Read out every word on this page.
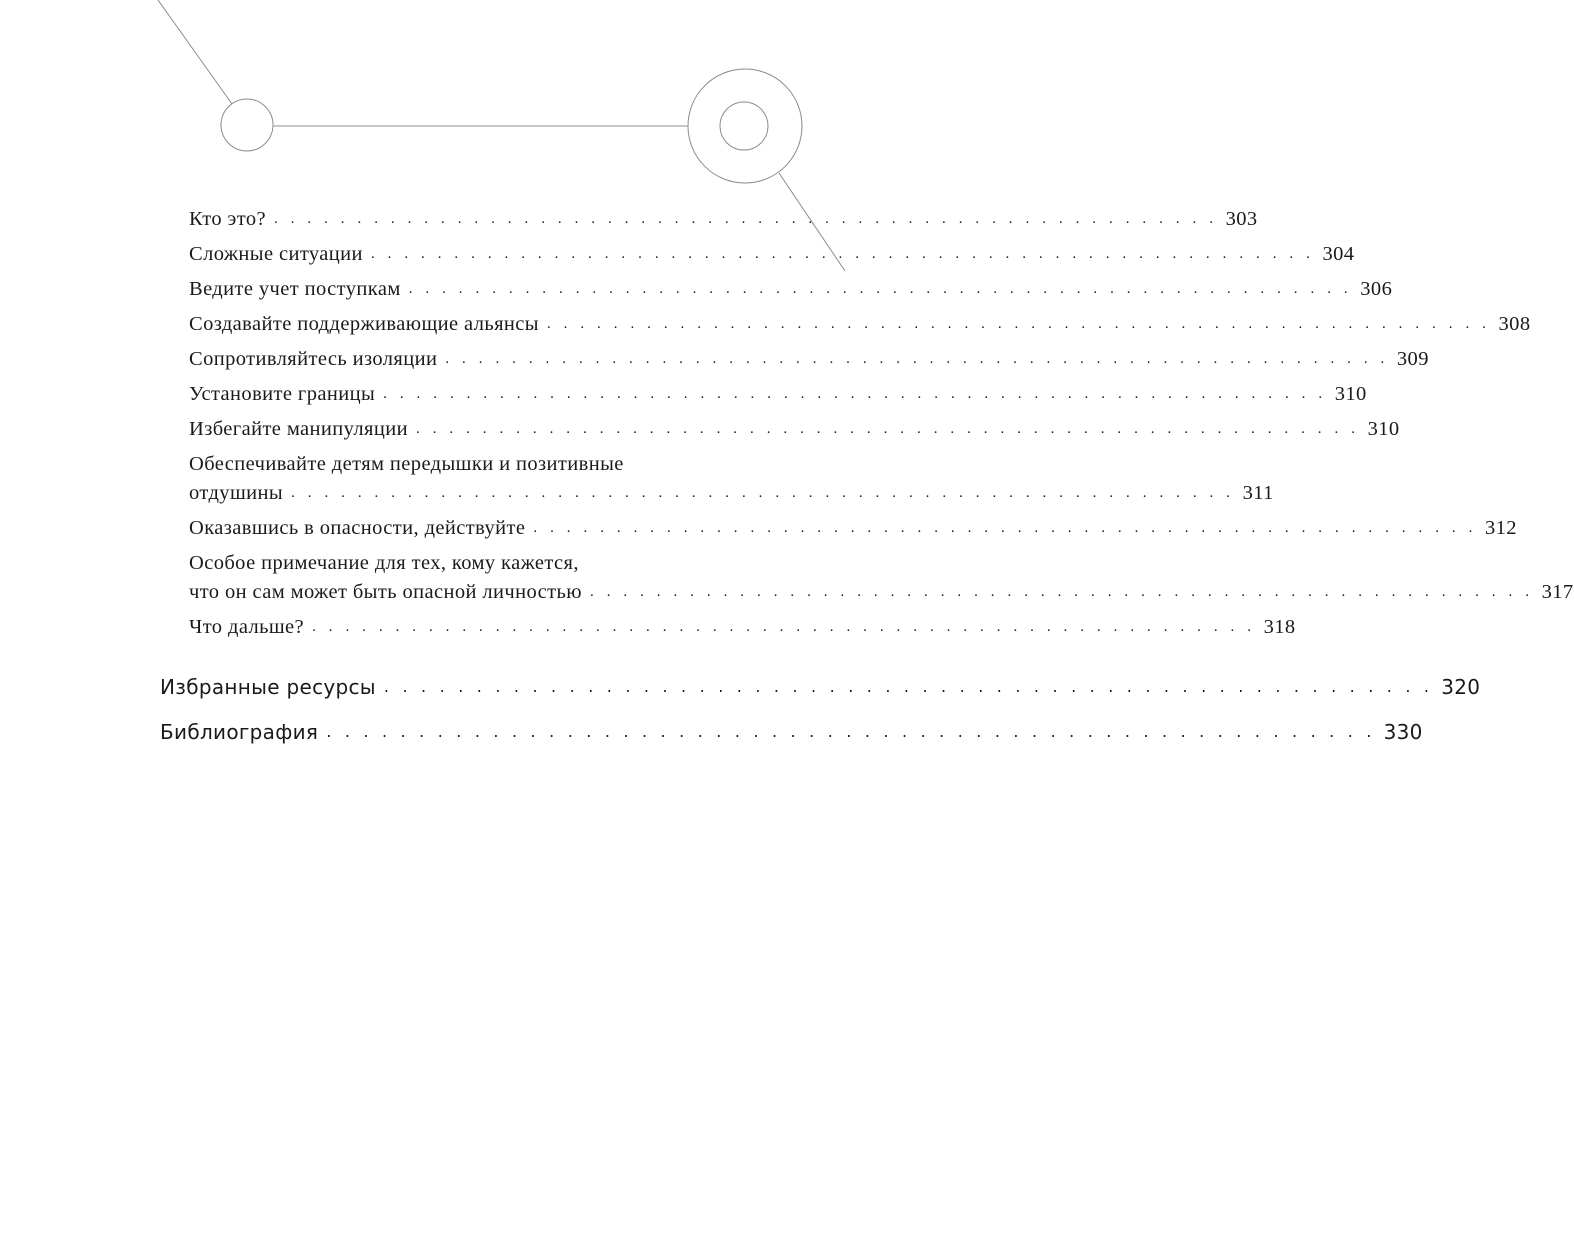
Кто это? . . . . . . . . . . . . . . . . . . . . . . . . . . . . . . . . . . . . . . . . . . . . . . . . . . . . . . . . . 303
Сложные ситуации . . . . . . . . . . . . . . . . . . . . . . . . . . . . . . . . . . . . . . . . . . . . . . . . . . . . . . . . . 304
Ведите учет поступкам . . . . . . . . . . . . . . . . . . . . . . . . . . . . . . . . . . . . . . . . . . . . . . . . . . . . . . . . . 306
Создавайте поддерживающие альянсы . . . . . . . . . . . . . . . . . . . . . . . . . . . . . . . . . . . . . . . . . . . . . . . . . . . . . . . . . 308
Сопротивляйтесь изоляции . . . . . . . . . . . . . . . . . . . . . . . . . . . . . . . . . . . . . . . . . . . . . . . . . . . . . . . . . 309
Установите границы . . . . . . . . . . . . . . . . . . . . . . . . . . . . . . . . . . . . . . . . . . . . . . . . . . . . . . . . . 310
Избегайте манипуляции . . . . . . . . . . . . . . . . . . . . . . . . . . . . . . . . . . . . . . . . . . . . . . . . . . . . . . . . . 310
Обеспечивайте детям передышки и позитивные
отдушины . . . . . . . . . . . . . . . . . . . . . . . . . . . . . . . . . . . . . . . . . . . . . . . . . . . . . . . . . 311
Оказавшись в опасности, действуйте . . . . . . . . . . . . . . . . . . . . . . . . . . . . . . . . . . . . . . . . . . . . . . . . . . . . . . . . . 312
Особое примечание для тех, кому кажется,
что он сам может быть опасной личностью . . . . . . . . . . . . . . . . . . . . . . . . . . . . . . . . . . . . . . . . . . . . . . . . . . . . . . . . . 317
Что дальше? . . . . . . . . . . . . . . . . . . . . . . . . . . . . . . . . . . . . . . . . . . . . . . . . . . . . . . . . . 318
Избранные ресурсы . . . . . . . . . . . . . . . . . . . . . . . . . . . . . . . . . . . . . . . . . . . . . . . . . . . . . . . . . 320
Библиография . . . . . . . . . . . . . . . . . . . . . . . . . . . . . . . . . . . . . . . . . . . . . . . . . . . . . . . . . 330
